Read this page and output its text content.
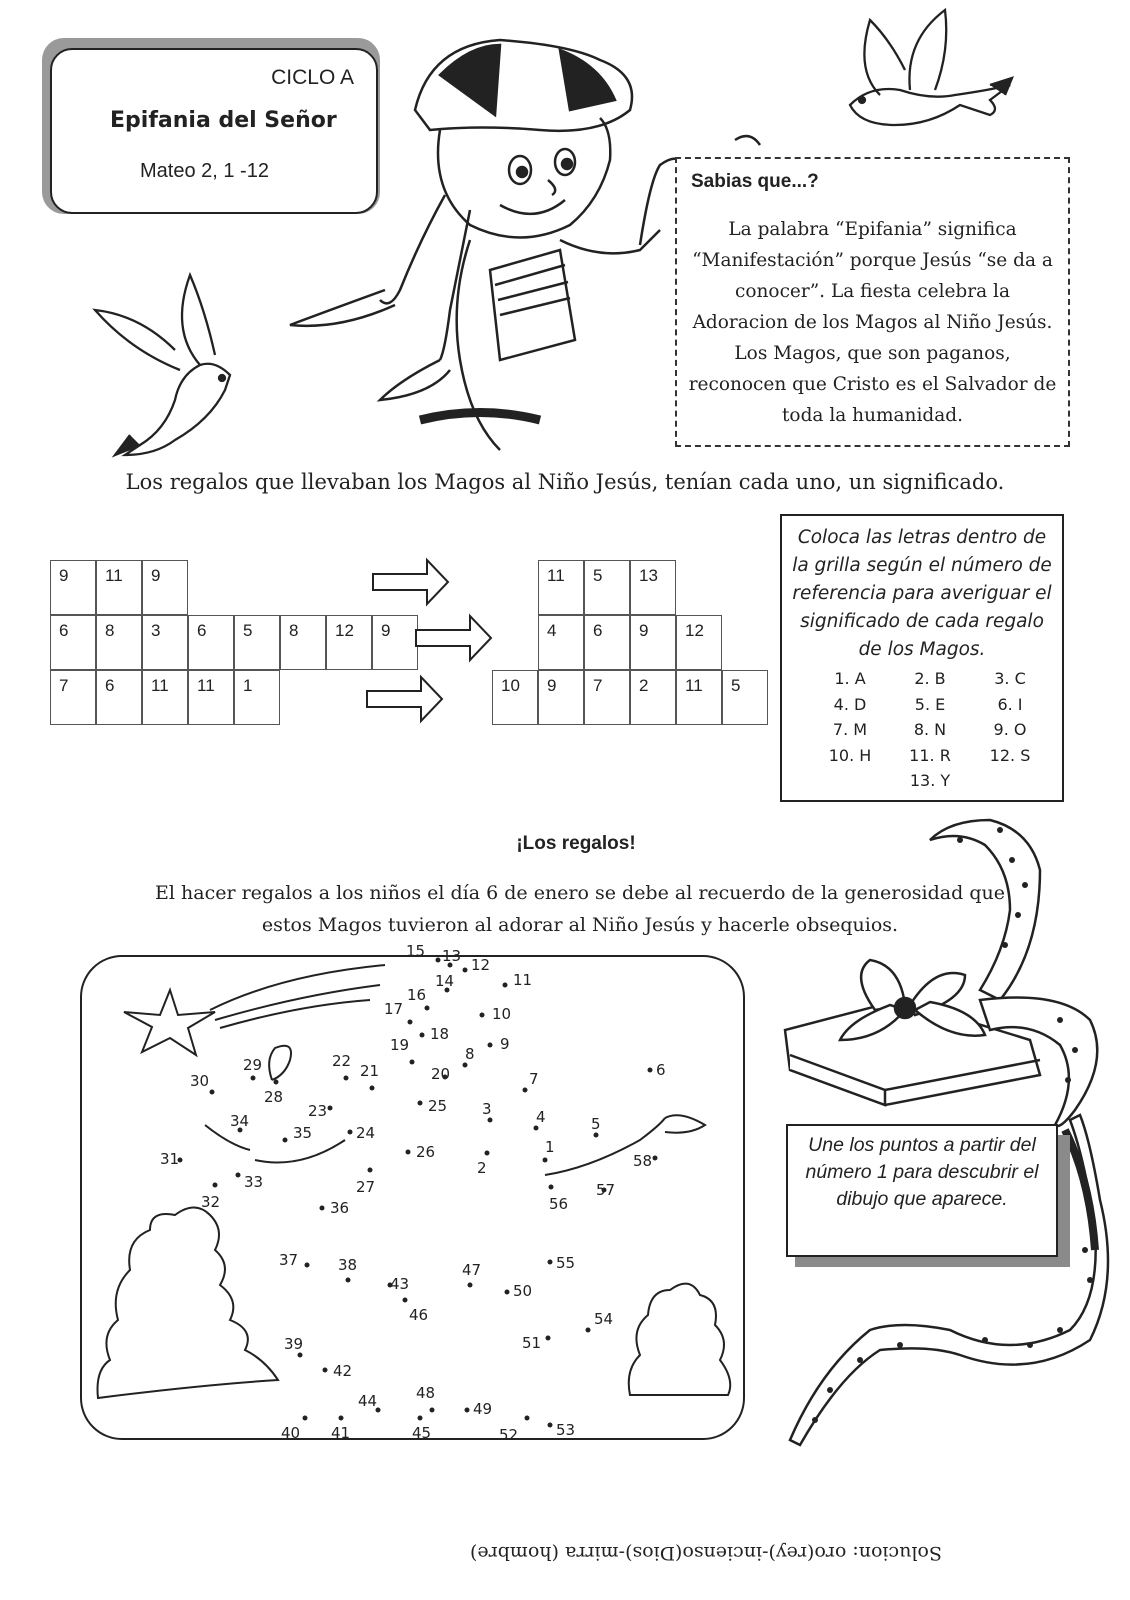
CICLO A
Epifania del Señor
Mateo 2, 1 -12	Sabias que...?

La palabra “Epifania” significa “Manifestación” porque Jesús “se da a conocer”. La fiesta celebra la Adoracion de los Magos al Niño Jesús. Los Magos, que son paganos, reconocen que Cristo es el Salvador de toda la humanidad.

Los regalos que llevaban los Magos al Niño Jesús, tenían cada uno, un significado.
9 11 9
6 8 3 6 5 8 12 9
7 6 11 11 1
11 5 13
4 6 9 12
10 9 7 2 11 5
Coloca las letras dentro de la grilla según el número de referencia para averiguar el significado de cada regalo de los Magos.
1. A	2. B	3. C
4. D	5. E	6. I
7. M	8. N	9. O
10. H	11. R	12. S
13. Y
¡Los regalos!
El hacer regalos a los niños el día 6 de enero se debe al recuerdo de la generosidad que estos Magos tuvieron al adorar al Niño Jesús y hacerle obsequios.
1
2
3	4	5
6
7
8
9
10
11
12
13
14
15
16
17
18
19
20
21
22
23
24
25
26
27
28
29
30
31
32
33
34
35
36
37	38
39
40 41
42
43
44
45
46
47
48
49
50
51
52	53
54
55
56
57
58

Une los puntos a partir del número 1 para descubrir el dibujo que aparece.

Solucion: oro(rey)-incienso(Dios)-mirra (hombre)
